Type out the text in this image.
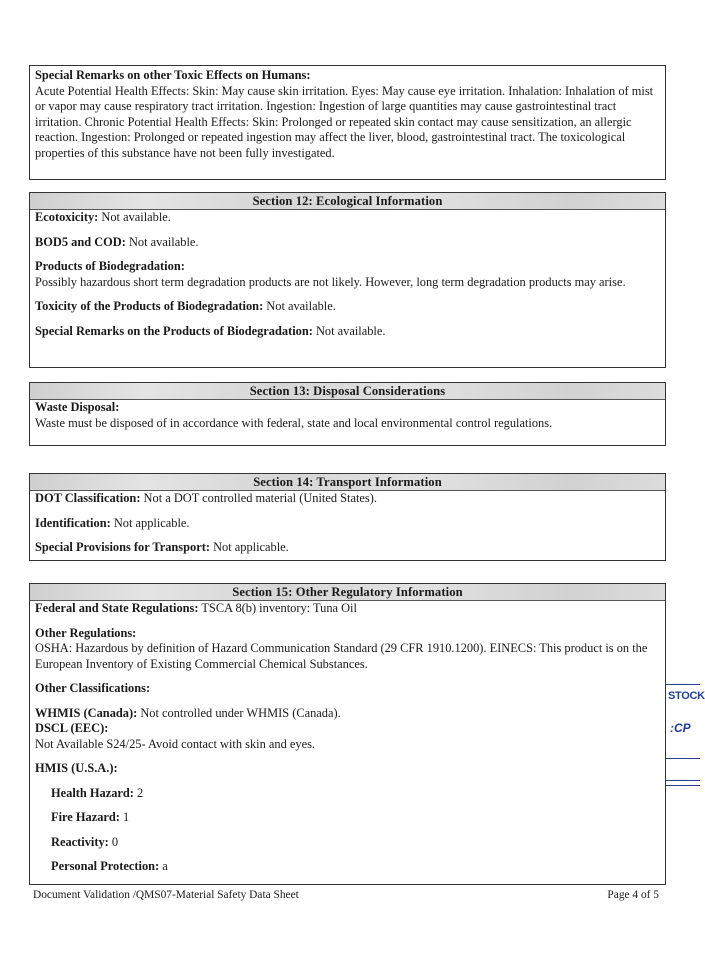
Special Remarks on other Toxic Effects on Humans:
Acute Potential Health Effects: Skin: May cause skin irritation. Eyes: May cause eye irritation. Inhalation: Inhalation of mist or vapor may cause respiratory tract irritation. Ingestion: Ingestion of large quantities may cause gastrointestinal tract irritation. Chronic Potential Health Effects: Skin: Prolonged or repeated skin contact may cause sensitization, an allergic reaction. Ingestion: Prolonged or repeated ingestion may affect the liver, blood, gastrointestinal tract. The toxicological properties of this substance have not been fully investigated.
Section 12: Ecological Information
Ecotoxicity: Not available.
BOD5 and COD: Not available.
Products of Biodegradation:
Possibly hazardous short term degradation products are not likely. However, long term degradation products may arise.
Toxicity of the Products of Biodegradation: Not available.
Special Remarks on the Products of Biodegradation: Not available.
Section 13: Disposal Considerations
Waste Disposal:
Waste must be disposed of in accordance with federal, state and local environmental control regulations.
Section 14: Transport Information
DOT Classification: Not a DOT controlled material (United States).
Identification: Not applicable.
Special Provisions for Transport: Not applicable.
Section 15: Other Regulatory Information
Federal and State Regulations: TSCA 8(b) inventory: Tuna Oil
Other Regulations:
OSHA: Hazardous by definition of Hazard Communication Standard (29 CFR 1910.1200). EINECS: This product is on the European Inventory of Existing Commercial Chemical Substances.
Other Classifications:
WHMIS (Canada): Not controlled under WHMIS (Canada).
DSCL (EEC):
Not Available S24/25- Avoid contact with skin and eyes.
HMIS (U.S.A.):
Health Hazard: 2
Fire Hazard: 1
Reactivity: 0
Personal Protection: a
Document Validation /QMS07-Material Safety Data Sheet	Page 4 of 5
STOCK
:CP
